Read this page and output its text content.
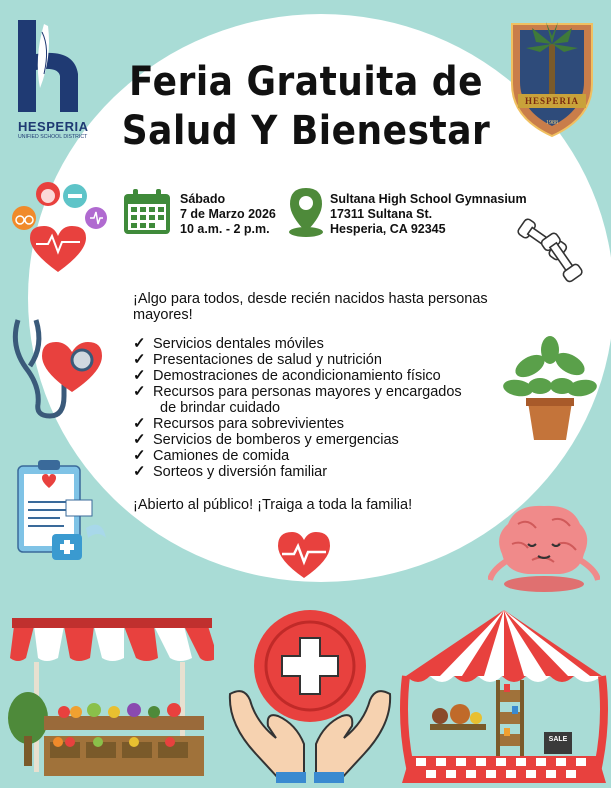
HESPERIA
UNIFIED SCHOOL DISTRICT
1988
HESPERIA
Feria Gratuita de
Salud Y Bienestar
Sábado
7 de Marzo 2026
10 a.m. - 2 p.m.
Sultana High School Gymnasium
17311 Sultana St.
Hesperia, CA 92345
¡Algo para todos, desde recién nacidos hasta personas mayores!
✓ Servicios dentales móviles
✓ Presentaciones de salud y nutrición
✓ Demostraciones de acondicionamiento físico
✓ Recursos para personas mayores y encargados
de brindar cuidado
✓ Recursos para sobrevivientes
✓ Servicios de bomberos y emergencias
✓ Camiones de comida
✓ Sorteos y diversión familiar
¡Abierto al público! ¡Traiga a toda la familia!
SALE
